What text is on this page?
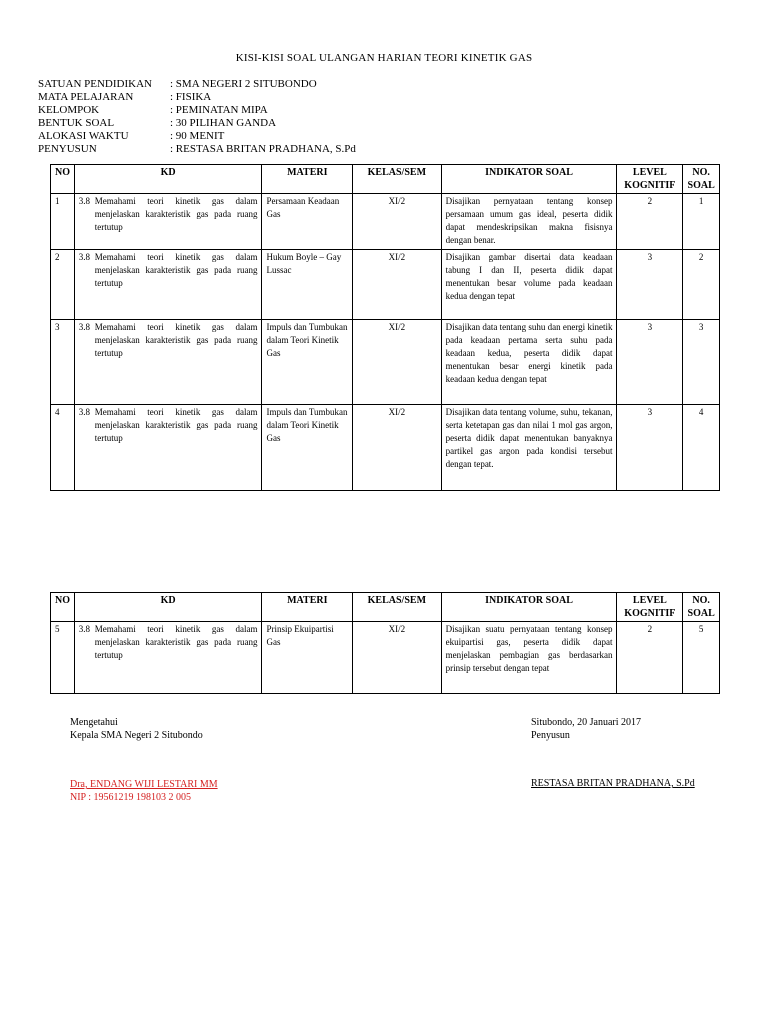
KISI-KISI SOAL ULANGAN HARIAN TEORI KINETIK GAS
SATUAN PENDIDIKAN	: SMA NEGERI 2 SITUBONDO
MATA PELAJARAN	: FISIKA
KELOMPOK	: PEMINATAN MIPA
BENTUK SOAL	: 30 PILIHAN GANDA
ALOKASI WAKTU	: 90 MENIT
PENYUSUN	: RESTASA BRITAN PRADHANA, S.Pd
NO	KD	MATERI	KELAS/SEM	INDIKATOR SOAL	LEVEL KOGNITIF	NO. SOAL
1	3.8 Memahami teori kinetik gas dalam menjelaskan karakteristik gas pada ruang tertutup	Persamaan Keadaan Gas	XI/2	Disajikan pernyataan tentang konsep persamaan umum gas ideal, peserta didik dapat mendeskripsikan makna fisisnya dengan benar.	2	1
2	3.8 Memahami teori kinetik gas dalam menjelaskan karakteristik gas pada ruang tertutup	Hukum Boyle – Gay Lussac	XI/2	Disajikan gambar disertai data keadaan tabung I dan II, peserta didik dapat menentukan besar volume pada keadaan kedua dengan tepat	3	2
3	3.8 Memahami teori kinetik gas dalam menjelaskan karakteristik gas pada ruang tertutup	Impuls dan Tumbukan dalam Teori Kinetik Gas	XI/2	Disajikan data tentang suhu dan energi kinetik pada keadaan pertama serta suhu pada keadaan kedua, peserta didik dapat menentukan besar energi kinetik pada keadaan kedua dengan tepat	3	3
4	3.8 Memahami teori kinetik gas dalam menjelaskan karakteristik gas pada ruang tertutup	Impuls dan Tumbukan dalam Teori Kinetik Gas	XI/2	Disajikan data tentang volume, suhu, tekanan, serta ketetapan gas dan nilai 1 mol gas argon, peserta didik dapat menentukan banyaknya partikel gas argon pada kondisi tersebut dengan tepat.	3	4
NO	KD	MATERI	KELAS/SEM	INDIKATOR SOAL	LEVEL KOGNITIF	NO. SOAL
5	3.8 Memahami teori kinetik gas dalam menjelaskan karakteristik gas pada ruang tertutup	Prinsip Ekuipartisi Gas	XI/2	Disajikan suatu pernyataan tentang konsep ekuipartisi gas, peserta didik dapat menjelaskan pembagian gas berdasarkan prinsip tersebut dengan tepat	2	5
Mengetahui
Kepala SMA Negeri 2 Situbondo
Situbondo, 20 Januari 2017
Penyusun
Dra, ENDANG WIJI LESTARI MM
NIP : 19561219 198103 2 005
RESTASA BRITAN PRADHANA, S.Pd
